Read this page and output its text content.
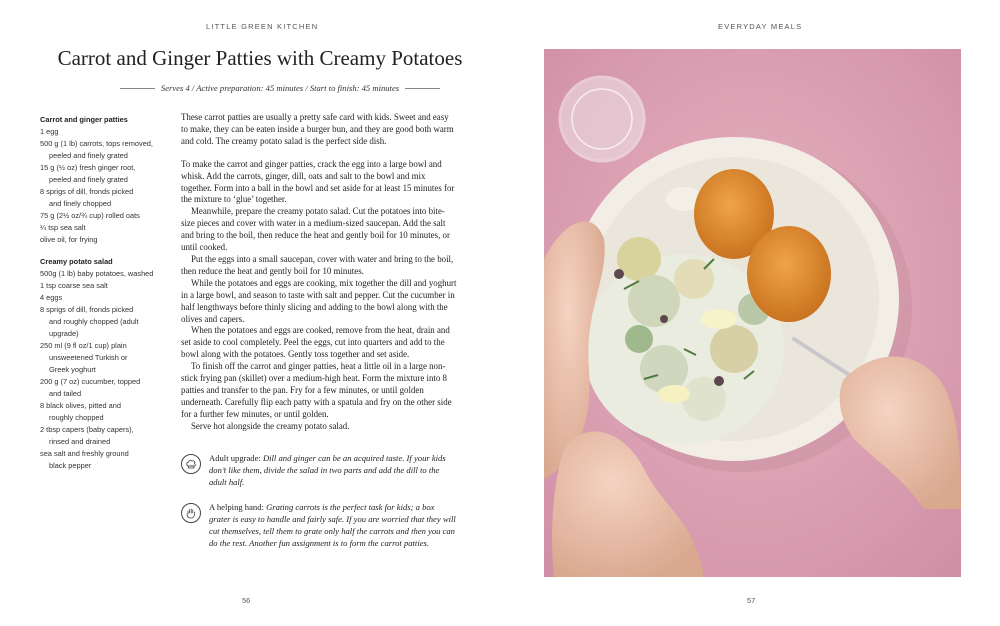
LITTLE GREEN KITCHEN	EVERYDAY MEALS
Carrot and Ginger Patties with Creamy Potatoes
Serves 4 / Active preparation: 45 minutes / Start to finish: 45 minutes
Carrot and ginger patties
1 egg
500 g (1 lb) carrots, tops removed,
peeled and finely grated
15 g (½ oz) fresh ginger root,
peeled and finely grated
8 sprigs of dill, fronds picked
and finely chopped
75 g (2½ oz/¾ cup) rolled oats
¼ tsp sea salt
olive oil, for frying
Creamy potato salad
500g (1 lb) baby potatoes, washed
1 tsp coarse sea salt
4 eggs
8 sprigs of dill, fronds picked
and roughly chopped (adult
upgrade)
250 ml (9 fl oz/1 cup) plain
unsweetened Turkish or
Greek yoghurt
200 g (7 oz) cucumber, topped
and tailed
8 black olives, pitted and
roughly chopped
2 tbsp capers (baby capers),
rinsed and drained
sea salt and freshly ground
black pepper

These carrot patties are usually a pretty safe card with kids. Sweet and easy to make, they can be eaten inside a burger bun, and they are good both warm and cold. The creamy potato salad is the perfect side dish.

To make the carrot and ginger patties, crack the egg into a large bowl and whisk. Add the carrots, ginger, dill, oats and salt to the bowl and mix together. Form into a ball in the bowl and set aside for at least 15 minutes for the mixture to ‘glue’ together.

Meanwhile, prepare the creamy potato salad. Cut the potatoes into bite-size pieces and cover with water in a medium-sized saucepan. Add the salt and bring to the boil, then reduce the heat and gently boil for 10 minutes, or until cooked.

Put the eggs into a small saucepan, cover with water and bring to the boil, then reduce the heat and gently boil for 10 minutes.

While the potatoes and eggs are cooking, mix together the dill and yoghurt in a large bowl, and season to taste with salt and pepper. Cut the cucumber in half lengthways before thinly slicing and adding to the bowl along with the olives and capers.

When the potatoes and eggs are cooked, remove from the heat, drain and set aside to cool completely. Peel the eggs, cut into quarters and add to the bowl along with the potatoes. Gently toss together and set aside.

To finish off the carrot and ginger patties, heat a little oil in a large non-stick frying pan (skillet) over a medium-high heat. Form the mixture into 8 patties and transfer to the pan. Fry for a few minutes, or until golden underneath. Carefully flip each patty with a spatula and fry on the other side for a further few minutes, or until golden.

Serve hot alongside the creamy potato salad.

Adult upgrade: Dill and ginger can be an acquired taste. If your kids don’t like them, divide the salad in two parts and add the dill to the adult half.
A helping hand: Grating carrots is the perfect task for kids; a box grater is easy to handle and fairly safe. If you are worried that they will cut themselves, tell them to grate only half the carrots and then you can do the rest. Another fun assignment is to form the carrot patties.
56	57
